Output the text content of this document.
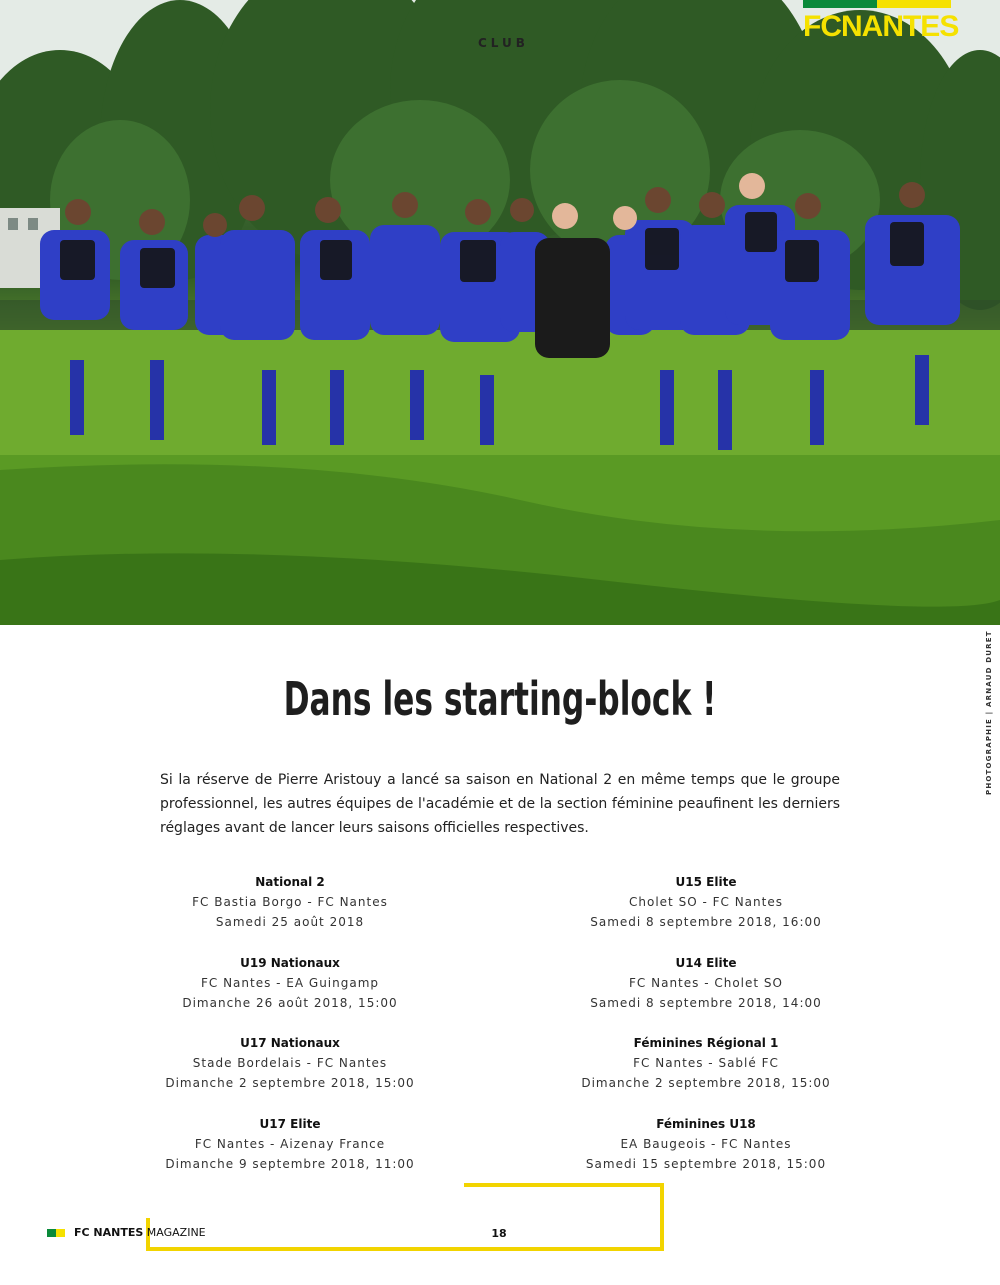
CLUB	FCNANTES
PHOTOGRAPHIE | ARNAUD DURET
Dans les starting-block !

Si la réserve de Pierre Aristouy a lancé sa saison en National 2 en même temps que le groupe professionnel, les autres équipes de l'académie et de la section féminine peaufinent les derniers réglages avant de lancer leurs saisons officielles respectives.

National 2
FC Bastia Borgo - FC Nantes
Samedi 25 août 2018
U19 Nationaux
FC Nantes - EA Guingamp
Dimanche 26 août 2018, 15:00
U17 Nationaux
Stade Bordelais - FC Nantes
Dimanche 2 septembre 2018, 15:00
U17 Elite
FC Nantes - Aizenay France
Dimanche 9 septembre 2018, 11:00
U15 Elite
Cholet SO - FC Nantes
Samedi 8 septembre 2018, 16:00
U14 Elite
FC Nantes - Cholet SO
Samedi 8 septembre 2018, 14:00
Féminines Régional 1
FC Nantes - Sablé FC
Dimanche 2 septembre 2018, 15:00
Féminines U18
EA Baugeois - FC Nantes
Samedi 15 septembre 2018, 15:00
FC NANTES MAGAZINE	18
